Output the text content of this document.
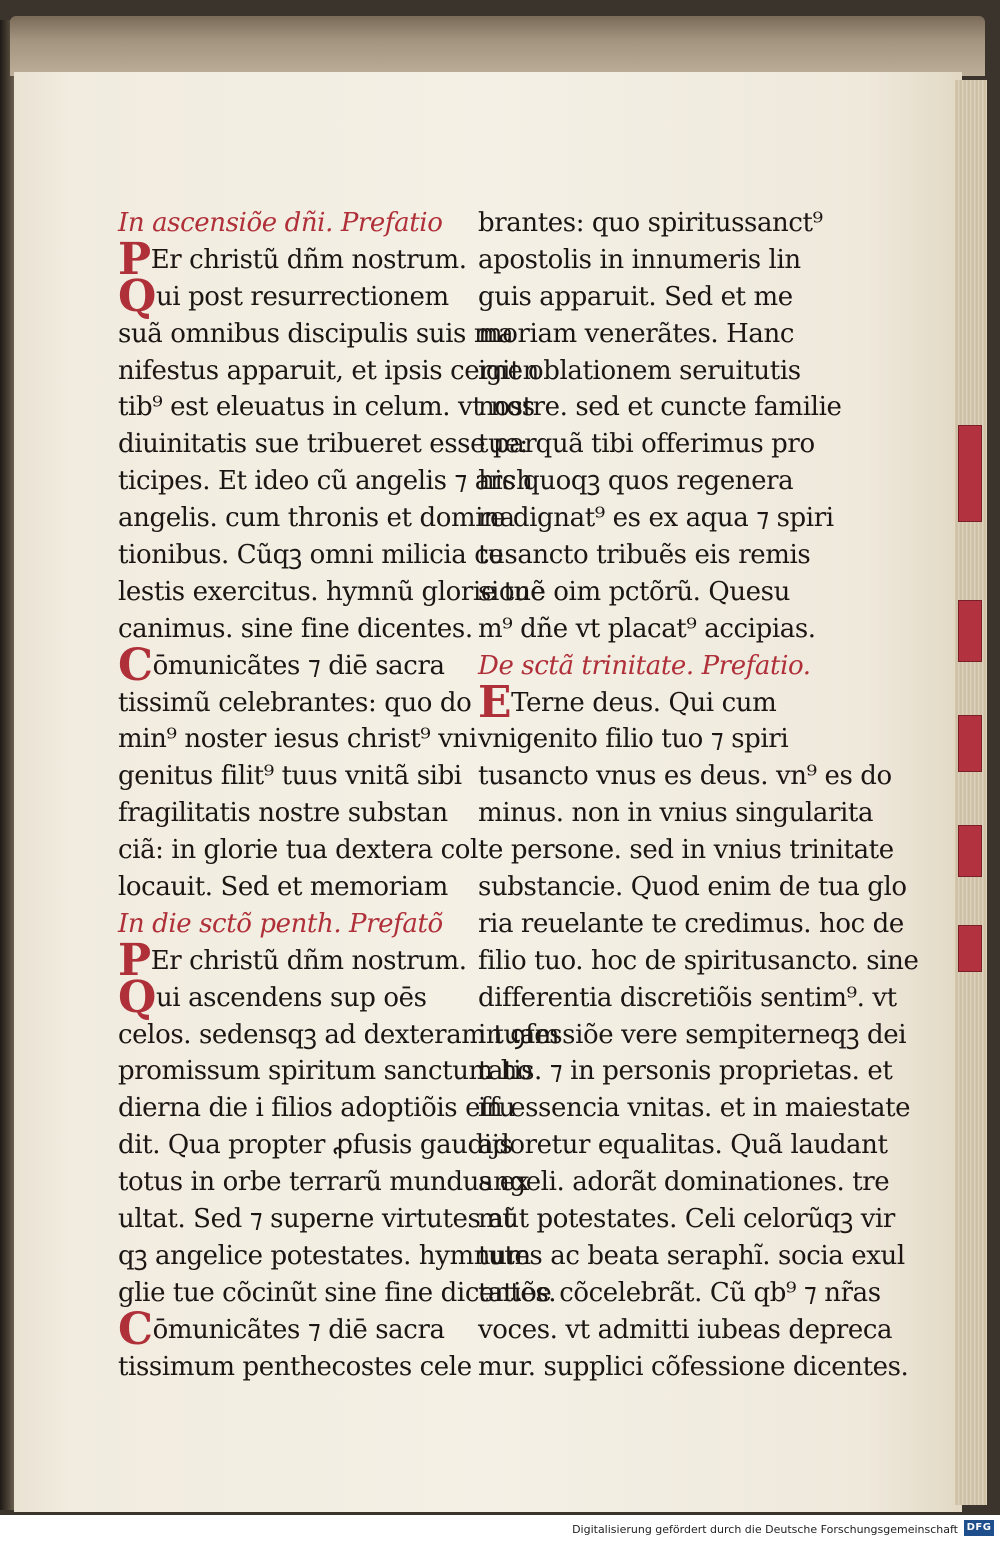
In ascensiõe dñi. Prefatio
PEr christũ dñm nostrum.
Qui post resurrectionem
suã omnibus discipulis suis ma
nifestus apparuit, et ipsis cernen
tib⁹ est eleuatus in celum. vt nos
diuinitatis sue tribueret esse par
ticipes. Et ideo cũ angelis ⁊ arch
angelis. cum thronis et domina
tionibus. Cũqꝫ omni milicia ce
lestis exercitus. hymnũ glorie tue
canimus. sine fine dicentes.
Cōmunicãtes ⁊ diē sacra
tissimũ celebrantes: quo do
min⁹ noster iesus christ⁹ vni
genitus filit⁹ tuus vnitã sibi
fragilitatis nostre substan
ciã: in glorie tua dextera col
locauit. Sed et memoriam
In die sctõ penth. Prefatõ
PEr christũ dñm nostrum.
Qui ascendens sup oēs
celos. sedensqꝫ ad dexteram tuam
promissum spiritum sanctum ho
dierna die i filios adoptiõis effu
dit. Qua propter ꝓfusis gaudijs
totus in orbe terrarũ mundus ex
ultat. Sed ⁊ superne virtutes at
qꝫ angelice potestates. hymnum
glie tue cõcinũt sine fine dicentes.
Cōmunicãtes ⁊ diē sacra
tissimum penthecostes cele
brantes: quo spiritussanct⁹
apostolis in innumeris lin
guis apparuit. Sed et me
moriam venerãtes. Hanc
igit oblationem seruitutis
nostre. sed et cuncte familie
tue: quã tibi offerimus pro
his quoqꝫ quos regenera
re dignat⁹ es ex aqua ⁊ spiri
tusancto tribuẽs eis remis
sionẽ oim pctõrũ. Quesu
m⁹ dñe vt placat⁹ accipias.
De sctã trinitate. Prefatio.
ETerne deus. Qui cum
vnigenito filio tuo ⁊ spiri
tusancto vnus es deus. vn⁹ es do
minus. non in vnius singularita
te persone. sed in vnius trinitate
substancie. Quod enim de tua glo
ria reuelante te credimus. hoc de
filio tuo. hoc de spiritusancto. sine
differentia discretiõis sentim⁹. vt
in ꝯfessiõe vere sempiterneqꝫ dei
tatis. ⁊ in personis proprietas. et
in essencia vnitas. et in maiestate
adoretur equalitas. Quã laudant
angeli. adorãt dominationes. tre
mũt potestates. Celi celorũqꝫ vir
tutes ac beata seraphĩ. socia exul
tatiõe cõcelebrãt. Cũ qb⁹ ⁊ nr̃as
voces. vt admitti iubeas depreca
mur. supplici cõfessione dicentes.
Digitalisierung gefördert durch die Deutsche Forschungsgemeinschaft DFG
